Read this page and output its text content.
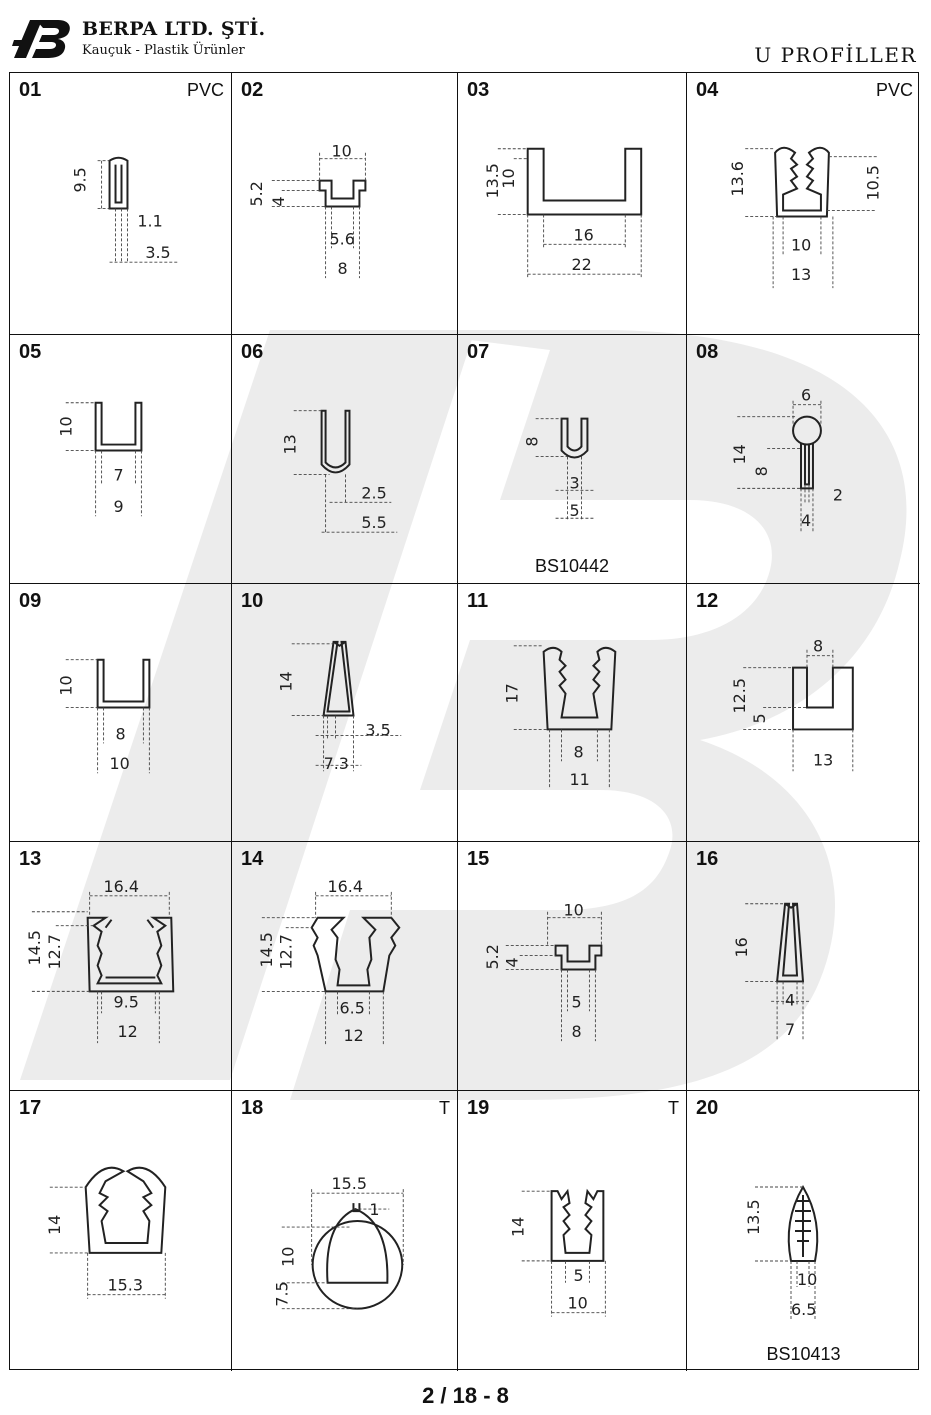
BERPA LTD. ŞTİ.
Kauçuk - Plastik Ürünler	U PROFİLLER
9.5
1.1
3.5
01	PVC
10
5.2 4
5.6
8
02
13.5
10
16
22
03
13.6	10.5
10
13
04	PVC
10
7
9
05
13
2.5
5.5
06
8
3
5
07
BS10442
6
14
8
2
4
08
10
8
10
09
14
3.5
7.3
10
17
8
11
11
8
12.5
5
13
12
16.4
14.5 12.7
9.5
12
13
16.4
14.5 12.7
6.5
12
14
10
5.2 4
5
8
15
16
4
7
16
14
15.3
17
15.5
1
10
7.5
18	T
14
5
10
19	T
13.5
10
6.5
20
BS10413
2 / 18 - 8
